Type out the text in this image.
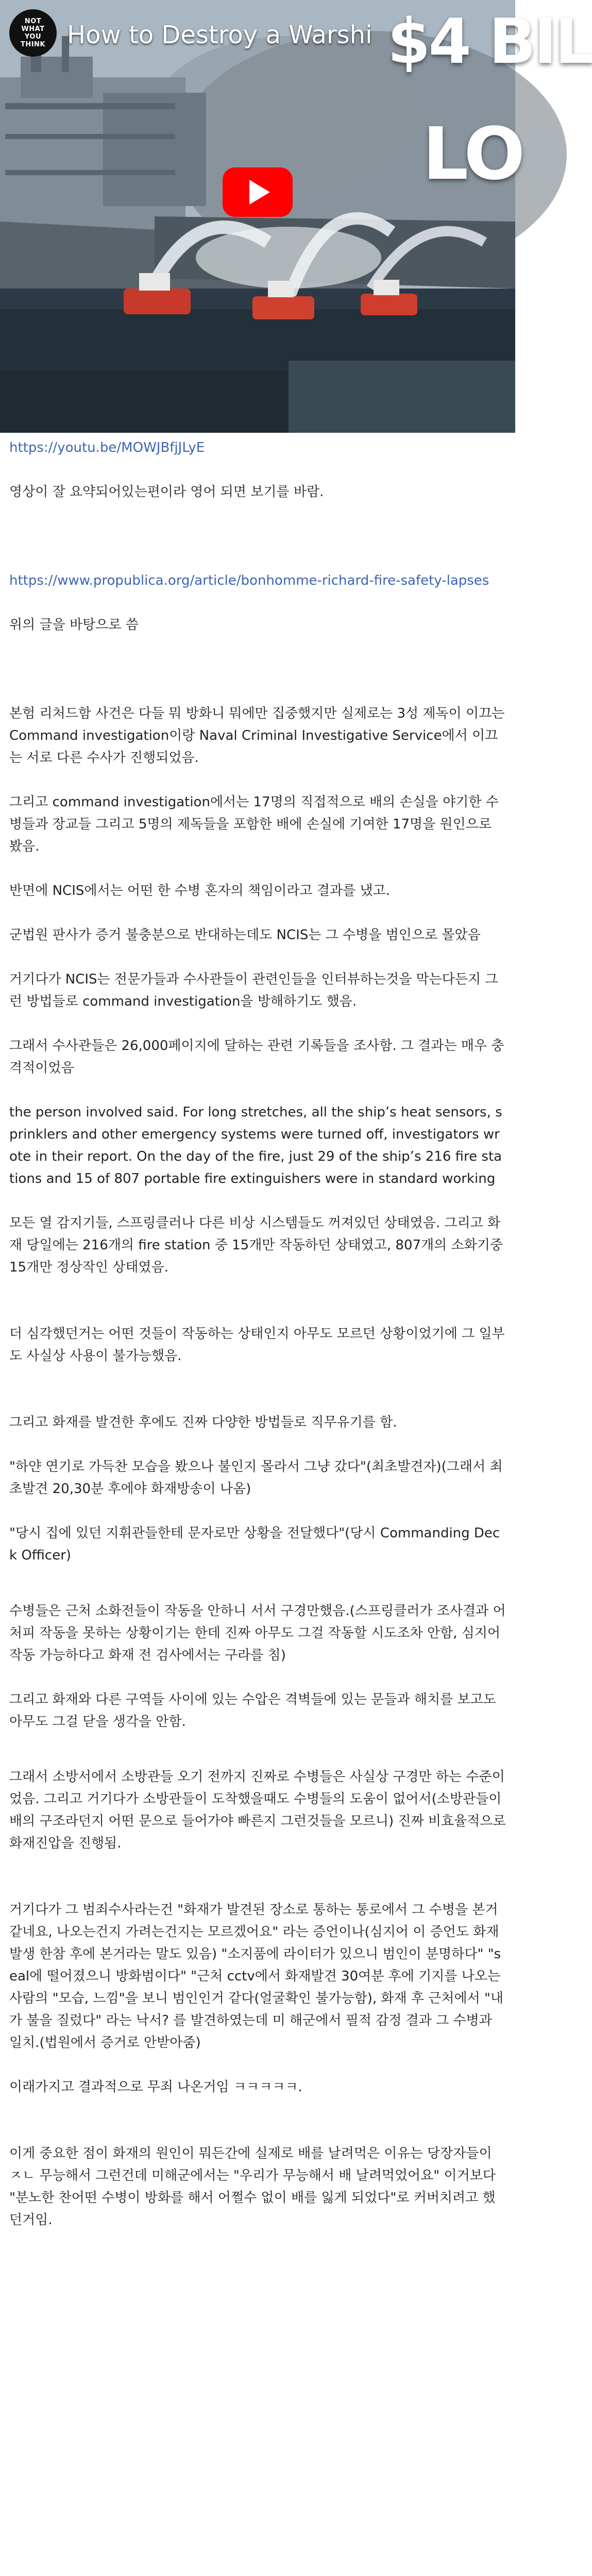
NOT
WHAT
YOU
THINK How to Destroy a Warshi $4 BIL
LO

https://youtu.be/MOWJBfjJLyE

영상이 잘 요약되어있는편이라 영어 되면 보기를 바람.

https://www.propublica.org/article/bonhomme-richard-fire-safety-lapses

위의 글을 바탕으로 씀

본험 리처드함 사건은 다들 뭐 방화니 뭐에만 집중했지만 실제로는 3성 제독이 이끄는 Command investigation이랑 Naval Criminal Investigative Service에서 이끄는 서로 다른 수사가 진행되었음.

그리고 command investigation에서는 17명의 직접적으로 배의 손실을 야기한 수병들과 장교들 그리고 5명의 제독들을 포함한 배에 손실에 기여한 17명을 원인으로 봤음.

반면에 NCIS에서는 어떤 한 수병 혼자의 책임이라고 결과를 냈고.

군법원 판사가 증거 불충분으로 반대하는데도 NCIS는 그 수병을 범인으로 몰았음

거기다가 NCIS는 전문가들과 수사관들이 관련인들을 인터뷰하는것을 막는다든지 그런 방법들로 command investigation을 방해하기도 했음.

그래서 수사관들은 26,000페이지에 달하는 관련 기록들을 조사함. 그 결과는 매우 충격적이었음

the person involved said. For long stretches, all the ship’s heat sensors, sprinklers and other emergency systems were turned off, investigators wrote in their report. On the day of the fire, just 29 of the ship’s 216 fire stations and 15 of 807 portable fire extinguishers were in standard working

모든 열 감지기들, 스프링클러나 다른 비상 시스템들도 꺼져있던 상태였음. 그리고 화재 당일에는 216개의 fire station 중 15개만 작동하던 상태였고, 807개의 소화기중 15개만 정상작인 상태였음.

더 심각했던거는 어떤 것들이 작동하는 상태인지 아무도 모르던 상황이었기에 그 일부도 사실상 사용이 불가능했음.

그리고 화재를 발견한 후에도 진짜 다양한 방법들로 직무유기를 함.

"하얀 연기로 가득찬 모습을 봤으나 불인지 몰라서 그냥 갔다"(최초발견자)(그래서 최초발견 20,30분 후에야 화재방송이 나옴)

"당시 집에 있던 지휘관들한테 문자로만 상황을 전달했다"(당시 Commanding Deck Officer)

수병들은 근처 소화전들이 작동을 안하니 서서 구경만했음.(스프링클러가 조사결과 어처피 작동을 못하는 상황이기는 한데 진짜 아무도 그걸 작동할 시도조차 안함, 심지어 작동 가능하다고 화재 전 검사에서는 구라를 침)

그리고 화재와 다른 구역들 사이에 있는 수압은 격벽들에 있는 문들과 해치를 보고도 아무도 그걸 닫을 생각을 안함.

그래서 소방서에서 소방관들 오기 전까지 진짜로 수병들은 사실상 구경만 하는 수준이었음. 그리고 거기다가 소방관들이 도착했을때도 수병들의 도움이 없어서(소방관들이 배의 구조라던지 어떤 문으로 들어가야 빠른지 그런것들을 모르니) 진짜 비효율적으로 화재진압을 진행됨.

거기다가 그 범죄수사라는건 "화재가 발견된 장소로 통하는 통로에서 그 수병을 본거 같네요, 나오는건지 가려는건지는 모르겠어요" 라는 증언이나(심지어 이 증언도 화재발생 한참 후에 본거라는 말도 있음) "소지품에 라이터가 있으니 범인이 분명하다" "seal에 떨어졌으니 방화범이다" "근처 cctv에서 화재발견 30여분 후에 기지를 나오는 사람의 "모습, 느낌"을 보니 범인인거 같다(얼굴확인 불가능함), 화재 후 근처에서 "내가 불을 질렀다" 라는 낙서? 를 발견하였는데 미 해군에서 필적 감정 결과 그 수병과 일치.(법원에서 증거로 안받아줌)

이래가지고 결과적으로 무죄 나온거임 ㅋㅋㅋㅋㅋ.

이게 중요한 점이 화재의 원인이 뭐든간에 실제로 배를 날려먹은 이유는 당장자들이 ㅈㄴ 무능해서 그런건데 미해군에서는 "우리가 무능해서 배 날려먹었어요" 이거보다 "분노한 찬어떤 수병이 방화를 해서 어쩔수 없이 배를 잃게 되었다"로 커버치려고 했던거임.
